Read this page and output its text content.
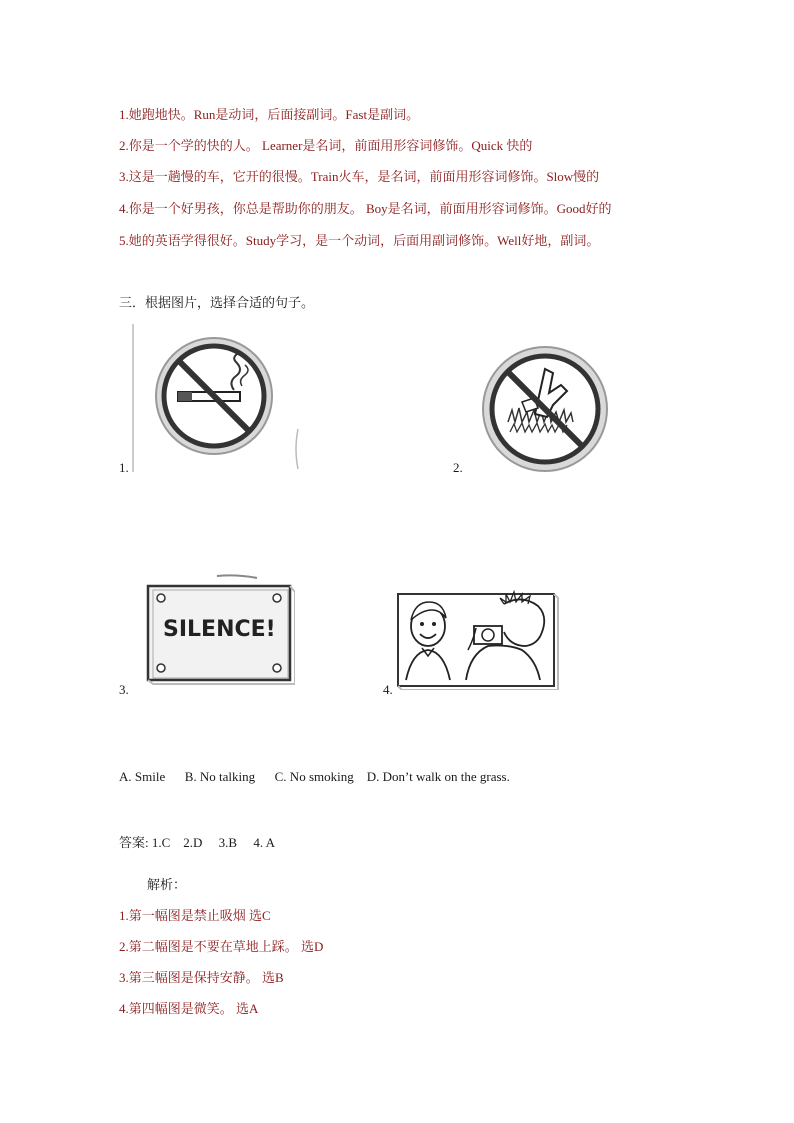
1.她跑地快。Run是动词，后面接副词。Fast是副词。
2.你是一个学的快的人。 Learner是名词，前面用形容词修饰。Quick 快的
3.这是一趟慢的车，它开的很慢。Train火车，是名词，前面用形容词修饰。Slow慢的
4.你是一个好男孩，你总是帮助你的朋友。 Boy是名词，前面用形容词修饰。Good好的
5.她的英语学得很好。Study学习，是一个动词，后面用副词修饰。Well好地，副词。
三．根据图片，选择合适的句子。
1.	2.
SILENCE!
3.	4.
A. Smile      B. No talking      C. No smoking    D. Don’t walk on the grass.
答案: 1.C    2.D     3.B     4. A
解析：
1.第一幅图是禁止吸烟 选C
2.第二幅图是不要在草地上踩。 选D
3.第三幅图是保持安静。 选B
4.第四幅图是微笑。 选A
